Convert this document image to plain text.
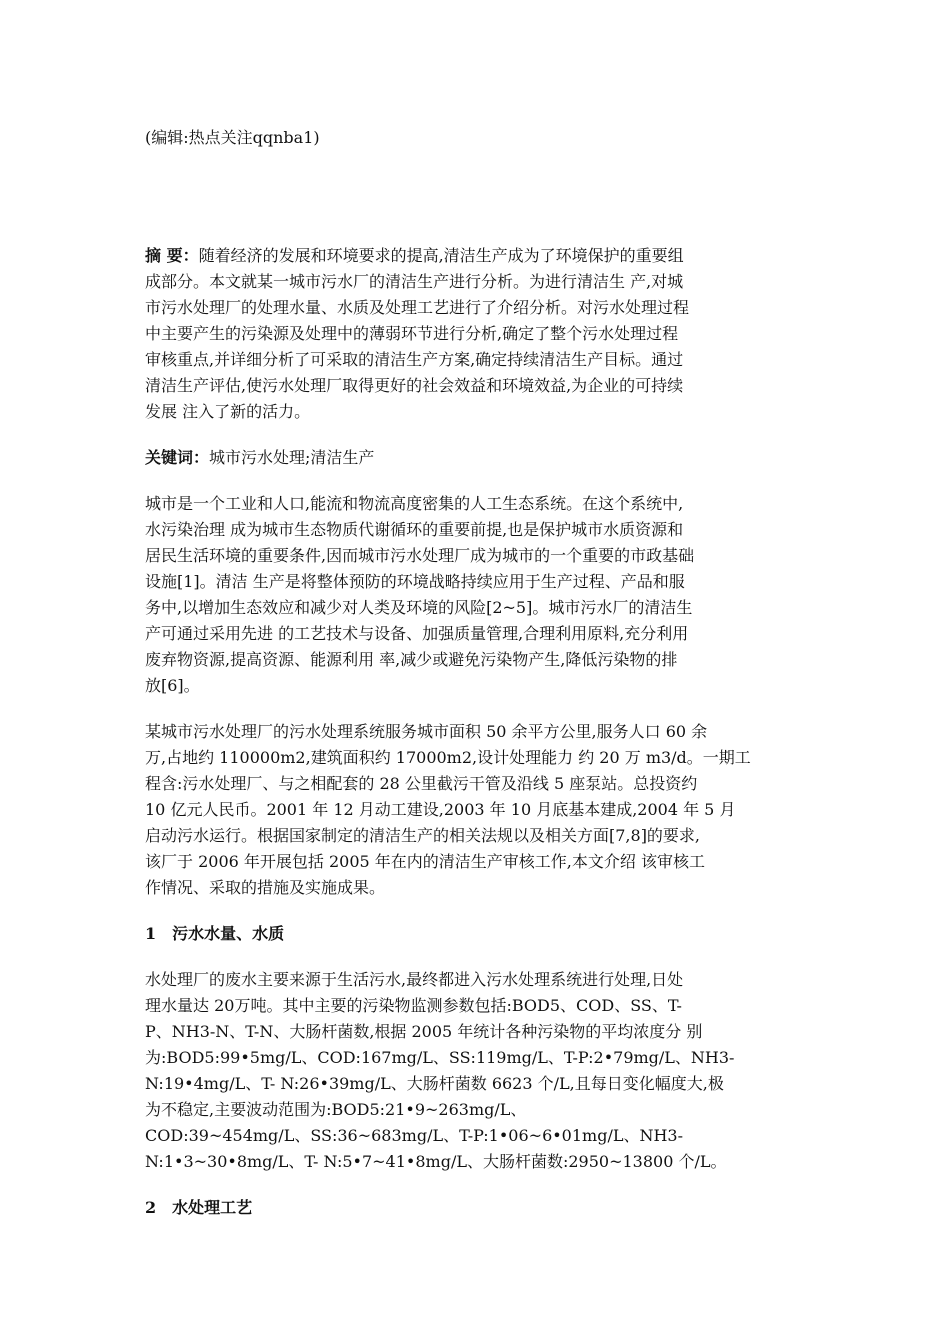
(编辑:热点关注qqnba1)
摘 要：随着经济的发展和环境要求的提高,清洁生产成为了环境保护的重要组
成部分。本文就某一城市污水厂的清洁生产进行分析。为进行清洁生 产,对城
市污水处理厂的处理水量、水质及处理工艺进行了介绍分析。对污水处理过程
中主要产生的污染源及处理中的薄弱环节进行分析,确定了整个污水处理过程
审核重点,并详细分析了可采取的清洁生产方案,确定持续清洁生产目标。通过
清洁生产评估,使污水处理厂取得更好的社会效益和环境效益,为企业的可持续
发展 注入了新的活力。
关键词：城市污水处理;清洁生产
城市是一个工业和人口,能流和物流高度密集的人工生态系统。在这个系统中,
水污染治理 成为城市生态物质代谢循环的重要前提,也是保护城市水质资源和
居民生活环境的重要条件,因而城市污水处理厂成为城市的一个重要的市政基础
设施[1]。清洁 生产是将整体预防的环境战略持续应用于生产过程、产品和服
务中,以增加生态效应和减少对人类及环境的风险[2~5]。城市污水厂的清洁生
产可通过采用先进 的工艺技术与设备、加强质量管理,合理利用原料,充分利用
废弃物资源,提高资源、能源利用 率,减少或避免污染物产生,降低污染物的排
放[6]。
某城市污水处理厂的污水处理系统服务城市面积 50 余平方公里,服务人口 60 余
万,占地约 110000m2,建筑面积约 17000m2,设计处理能力 约 20 万 m3/d。一期工
程含:污水处理厂、与之相配套的 28 公里截污干管及沿线 5 座泵站。总投资约
10 亿元人民币。2001 年 12 月动工建设,2003 年 10 月底基本建成,2004 年 5 月
启动污水运行。根据国家制定的清洁生产的相关法规以及相关方面[7,8]的要求,
该厂于 2006 年开展包括 2005 年在内的清洁生产审核工作,本文介绍 该审核工
作情况、采取的措施及实施成果。
1　污水水量、水质
水处理厂的废水主要来源于生活污水,最终都进入污水处理系统进行处理,日处
理水量达 20万吨。其中主要的污染物监测参数包括:BOD5、COD、SS、T-
P、NH3-N、T-N、大肠杆菌数,根据 2005 年统计各种污染物的平均浓度分 别
为:BOD5:99•5mg/L、COD:167mg/L、SS:119mg/L、T-P:2•79mg/L、NH3-
N:19•4mg/L、T- N:26•39mg/L、大肠杆菌数 6623 个/L,且每日变化幅度大,极
为不稳定,主要波动范围为:BOD5:21•9~263mg/L、
COD:39~454mg/L、SS:36~683mg/L、T-P:1•06~6•01mg/L、NH3-
N:1•3~30•8mg/L、T- N:5•7~41•8mg/L、大肠杆菌数:2950~13800 个/L。
2　水处理工艺
